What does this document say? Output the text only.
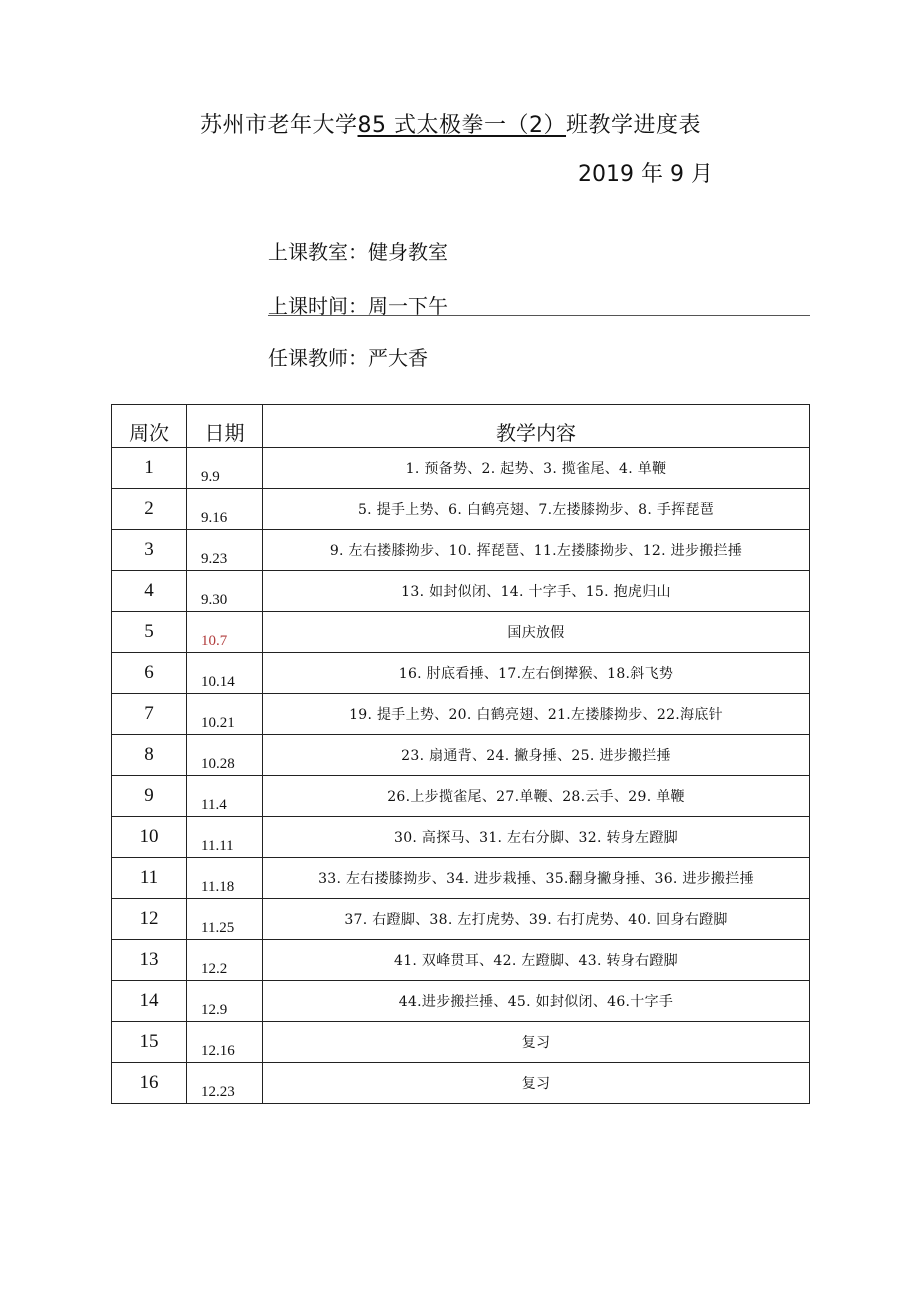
苏州市老年大学85 式太极拳一（2）班教学进度表
2019 年 9 月
上课教室：健身教室
上课时间：周一下午
任课教师：严大香
周次	日期	教学内容
1	9.9	1. 预备势、2. 起势、3. 揽雀尾、4. 单鞭
2	9.16	5. 提手上势、6. 白鹤亮翅、7.左搂膝拗步、8. 手挥琵琶
3	9.23	9. 左右搂膝拗步、10. 挥琵琶、11.左搂膝拗步、12. 进步搬拦捶
4	9.30	13. 如封似闭、14. 十字手、15. 抱虎归山
5	10.7	国庆放假
6	10.14	16. 肘底看捶、17.左右倒撵猴、18.斜飞势
7	10.21	19. 提手上势、20. 白鹤亮翅、21.左搂膝拗步、22.海底针
8	10.28	23. 扇通背、24. 撇身捶、25. 进步搬拦捶
9	11.4	26.上步揽雀尾、27.单鞭、28.云手、29. 单鞭
10	11.11	30. 高探马、31. 左右分脚、32. 转身左蹬脚
11	11.18	33. 左右搂膝拗步、34. 进步栽捶、35.翻身撇身捶、36. 进步搬拦捶
12	11.25	37. 右蹬脚、38. 左打虎势、39. 右打虎势、40. 回身右蹬脚
13	12.2	41. 双峰贯耳、42. 左蹬脚、43. 转身右蹬脚
14	12.9	44.进步搬拦捶、45. 如封似闭、46.十字手
15	12.16	复习
16	12.23	复习
